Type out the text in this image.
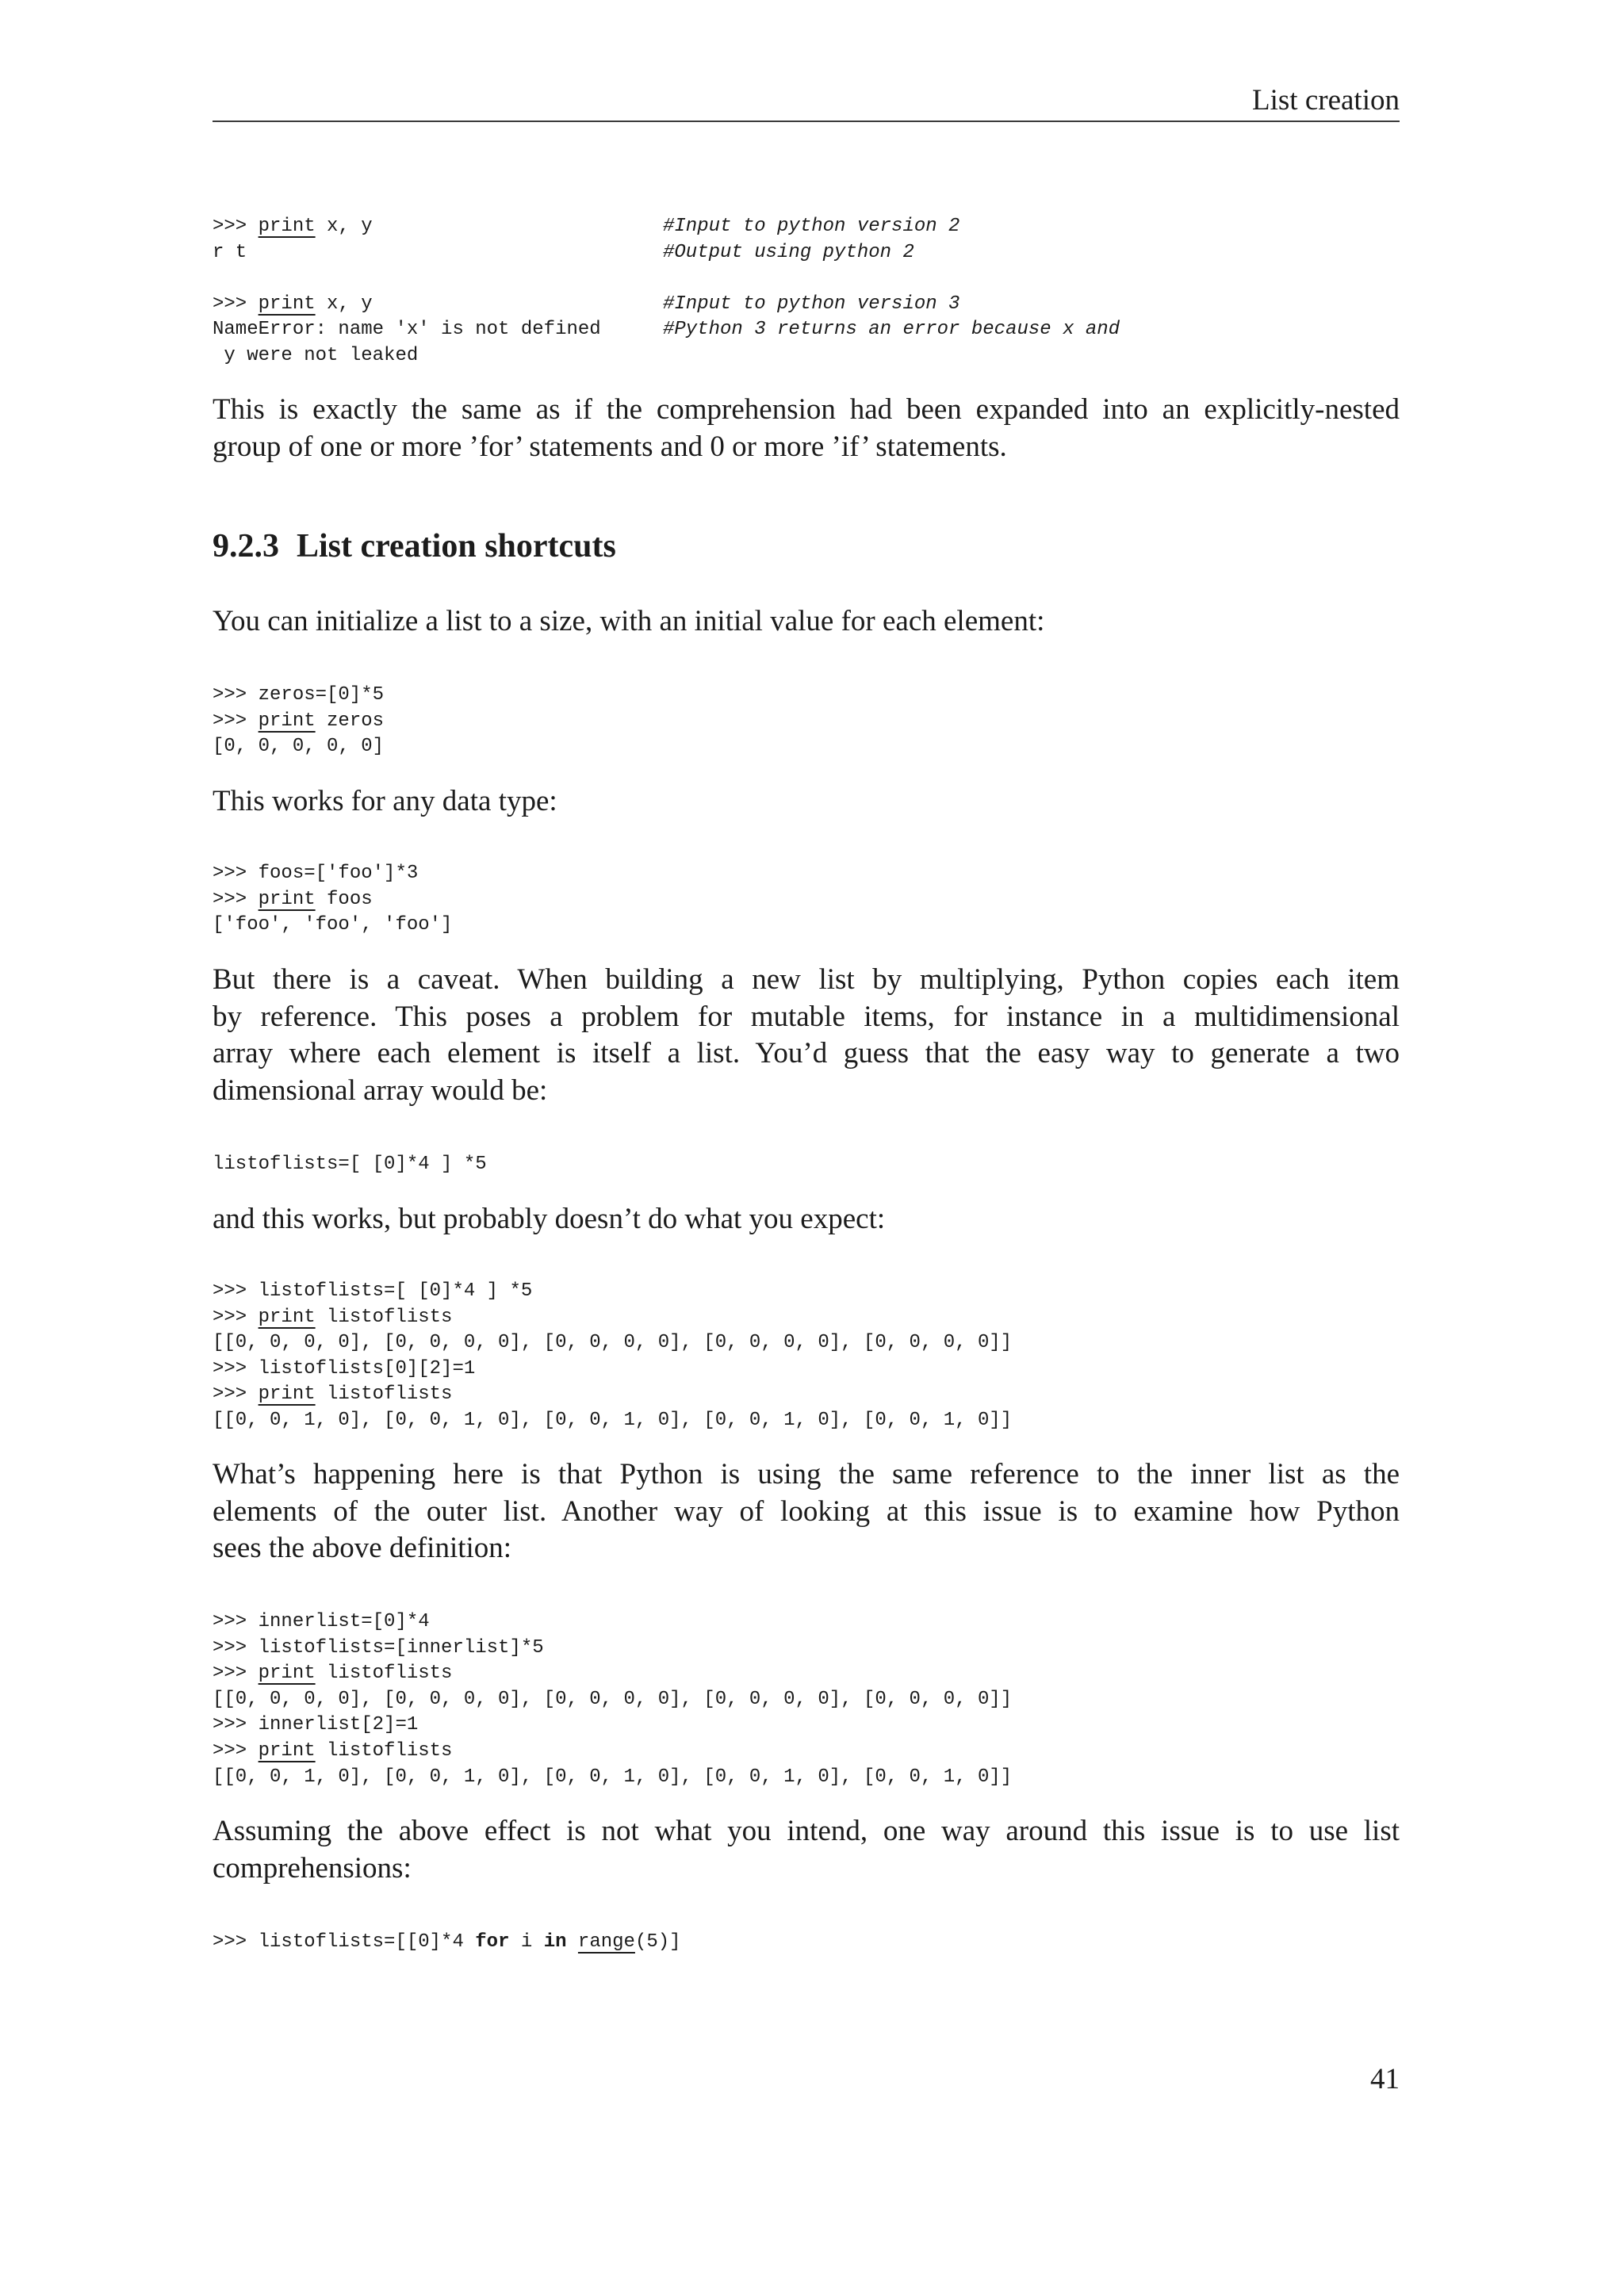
List creation
>>> print x, y	#Input to python version 2
r t	#Output using python 2
>>> print x, y	#Input to python version 3
NameError: name 'x' is not defined	#Python 3 returns an error because x and
y were not leaked
This is exactly the same as if the comprehension had been expanded into an explicitly-nested
group of one or more ’for’ statements and 0 or more ’if’ statements.
9.2.3 List creation shortcuts
You can initialize a list to a size, with an initial value for each element:
>>> zeros=[0]*5
>>> print zeros
[0, 0, 0, 0, 0]
This works for any data type:
>>> foos=['foo']*3
>>> print foos
['foo', 'foo', 'foo']
But there is a caveat. When building a new list by multiplying, Python copies each item
by reference. This poses a problem for mutable items, for instance in a multidimensional
array where each element is itself a list. You’d guess that the easy way to generate a two
dimensional array would be:
listoflists=[ [0]*4 ] *5
and this works, but probably doesn’t do what you expect:
>>> listoflists=[ [0]*4 ] *5
>>> print listoflists
[[0, 0, 0, 0], [0, 0, 0, 0], [0, 0, 0, 0], [0, 0, 0, 0], [0, 0, 0, 0]]
>>> listoflists[0][2]=1
>>> print listoflists
[[0, 0, 1, 0], [0, 0, 1, 0], [0, 0, 1, 0], [0, 0, 1, 0], [0, 0, 1, 0]]
What’s happening here is that Python is using the same reference to the inner list as the
elements of the outer list. Another way of looking at this issue is to examine how Python
sees the above definition:
>>> innerlist=[0]*4
>>> listoflists=[innerlist]*5
>>> print listoflists
[[0, 0, 0, 0], [0, 0, 0, 0], [0, 0, 0, 0], [0, 0, 0, 0], [0, 0, 0, 0]]
>>> innerlist[2]=1
>>> print listoflists
[[0, 0, 1, 0], [0, 0, 1, 0], [0, 0, 1, 0], [0, 0, 1, 0], [0, 0, 1, 0]]
Assuming the above effect is not what you intend, one way around this issue is to use list
comprehensions:
>>> listoflists=[[0]*4 for i in range(5)]
41
